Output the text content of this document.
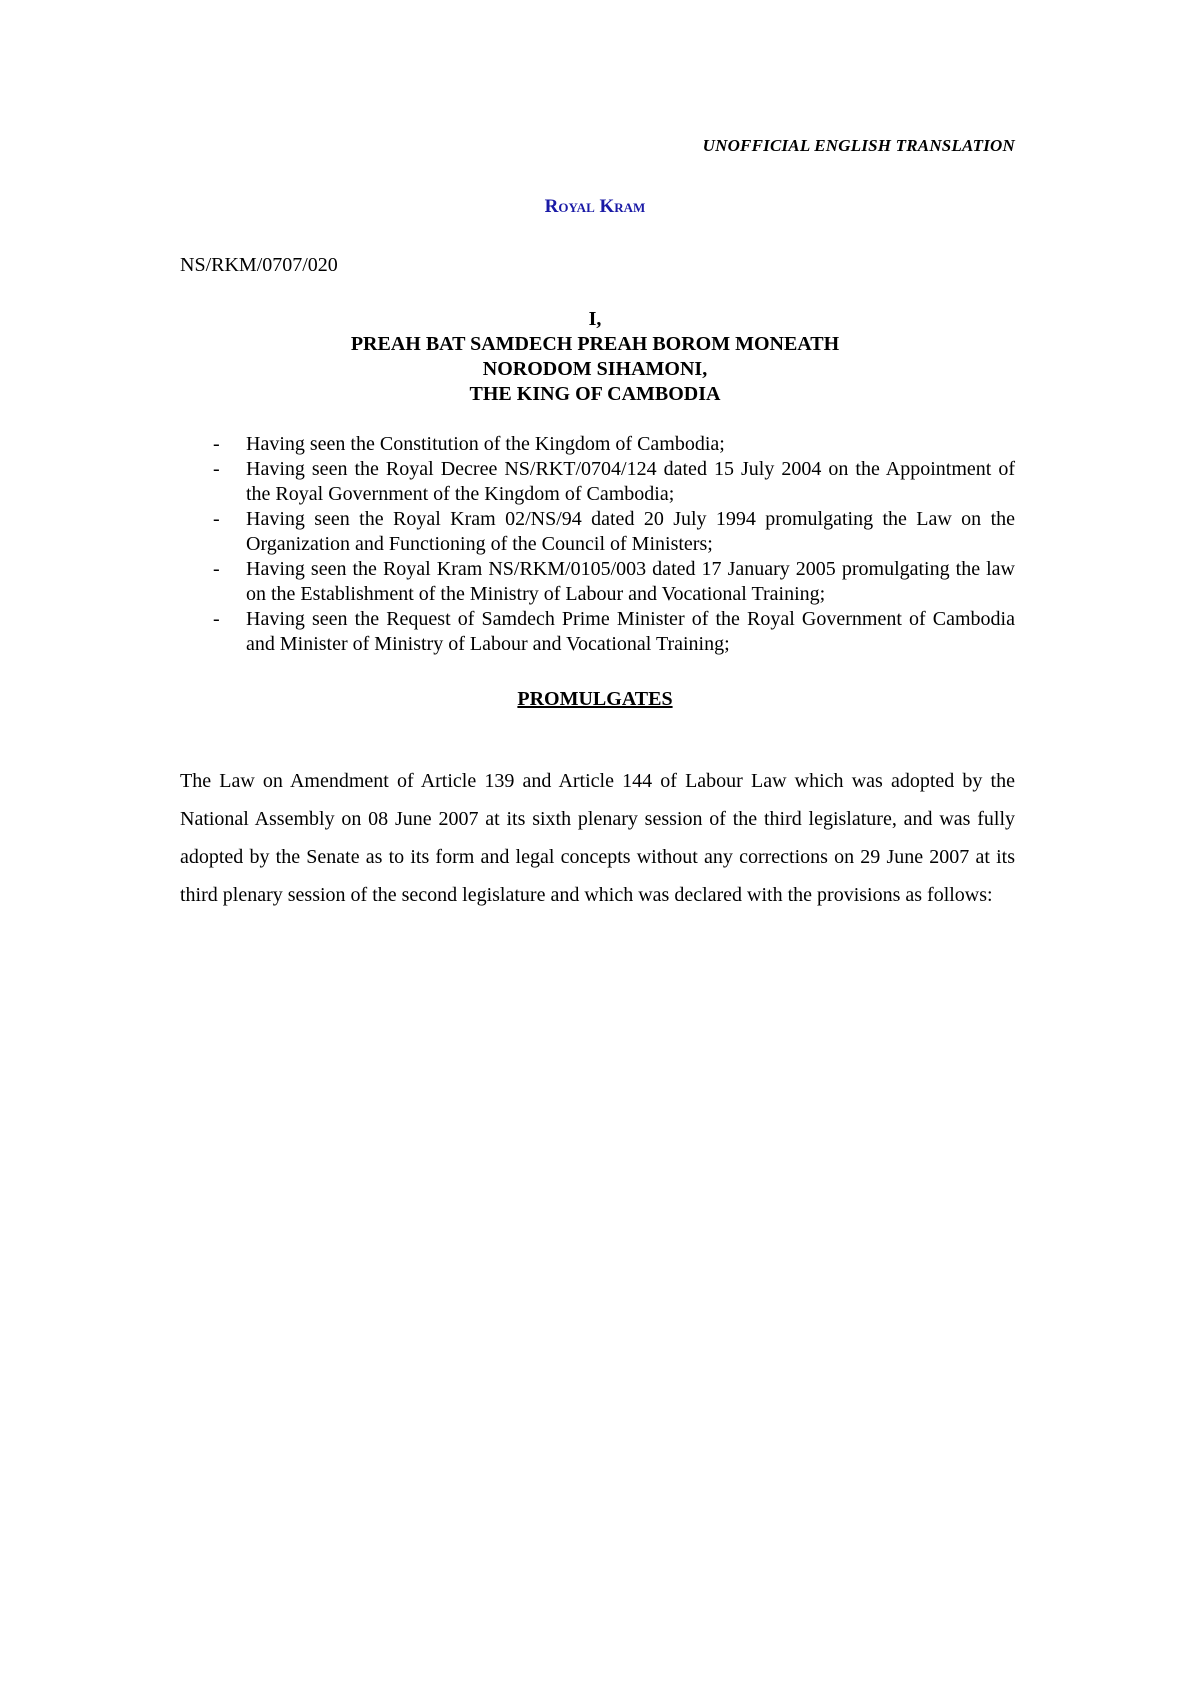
UNOFFICIAL ENGLISH TRANSLATION
Royal Kram
NS/RKM/0707/020
I,
PREAH BAT SAMDECH PREAH BOROM MONEATH
NORODOM SIHAMONI,
THE KING OF CAMBODIA
- Having seen the Constitution of the Kingdom of Cambodia;
- Having seen the Royal Decree NS/RKT/0704/124 dated 15 July 2004 on the Appointment of the Royal Government of the Kingdom of Cambodia;
- Having seen the Royal Kram 02/NS/94 dated 20 July 1994 promulgating the Law on the Organization and Functioning of the Council of Ministers;
- Having seen the Royal Kram NS/RKM/0105/003 dated 17 January 2005 promulgating the law on the Establishment of the Ministry of Labour and Vocational Training;
- Having seen the Request of Samdech Prime Minister of the Royal Government of Cambodia and Minister of Ministry of Labour and Vocational Training;
PROMULGATES
The Law on Amendment of Article 139 and Article 144 of Labour Law which was adopted by the National Assembly on 08 June 2007 at its sixth plenary session of the third legislature, and was fully adopted by the Senate as to its form and legal concepts without any corrections on 29 June 2007 at its third plenary session of the second legislature and which was declared with the provisions as follows:
